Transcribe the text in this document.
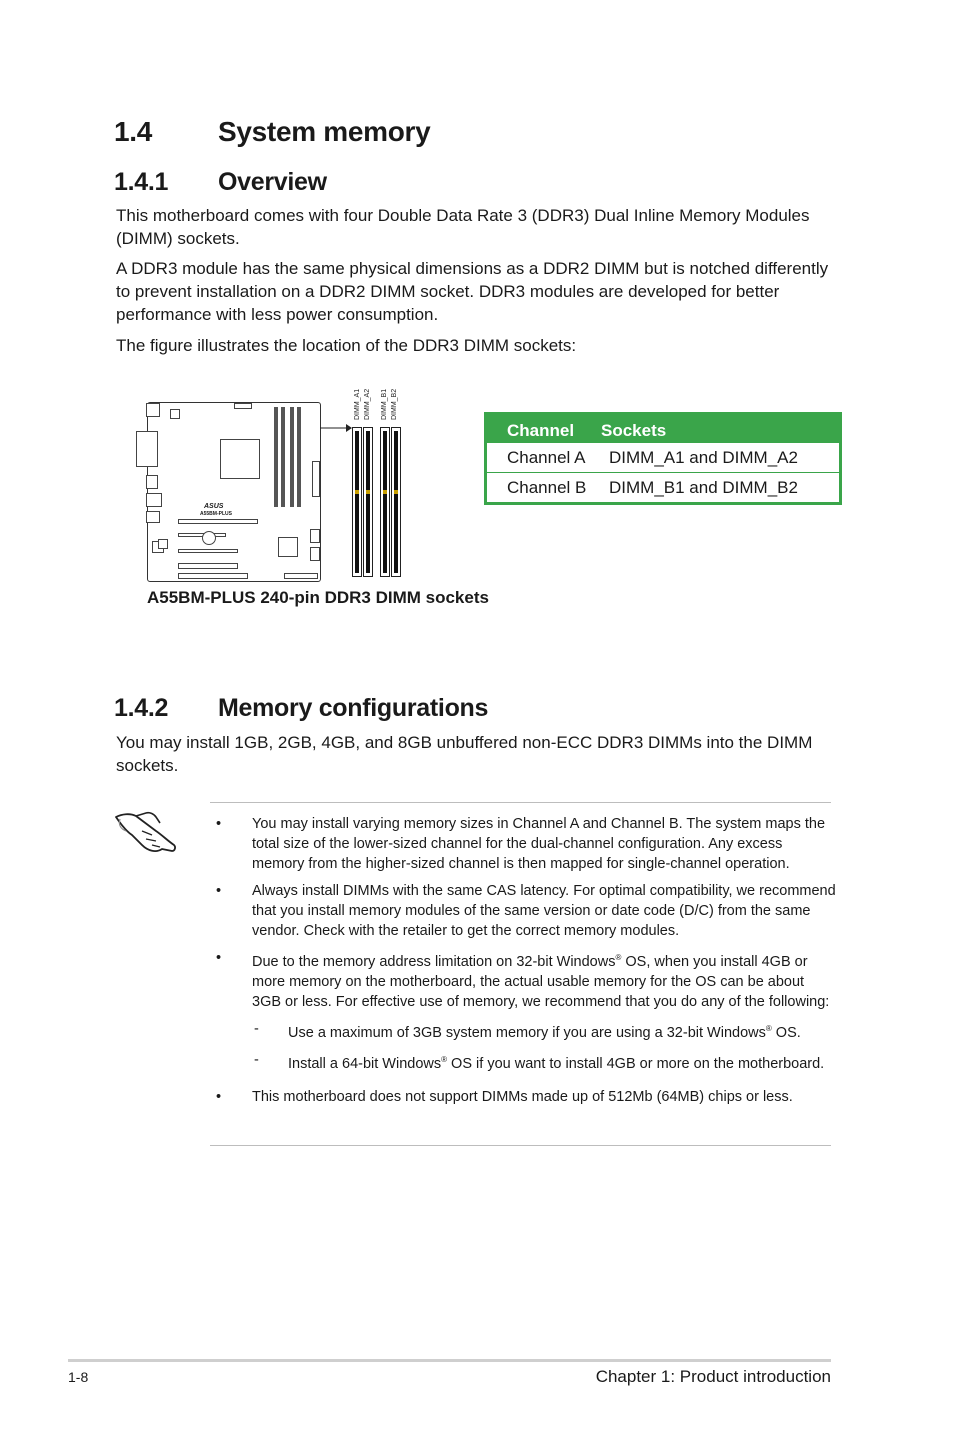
1.4 System memory
1.4.1 Overview

This motherboard comes with four Double Data Rate 3 (DDR3) Dual Inline Memory Modules (DIMM) sockets.

A DDR3 module has the same physical dimensions as a DDR2 DIMM but is notched differently to prevent installation on a DDR2 DIMM socket. DDR3 modules are developed for better performance with less power consumption.

The figure illustrates the location of the DDR3 DIMM sockets:

ASUS
A55BM-PLUS
DIMM_A1 DIMM_A2 DIMM_B1 DIMM_B2
Channel Sockets
Channel A DIMM_A1 and DIMM_A2
Channel B DIMM_B1 and DIMM_B2
A55BM-PLUS 240-pin DDR3 DIMM sockets
1.4.2 Memory configurations

You may install 1GB, 2GB, 4GB, and 8GB unbuffered non-ECC DDR3 DIMMs into the DIMM sockets.

• You may install varying memory sizes in Channel A and Channel B. The system maps the total size of the lower-sized channel for the dual-channel configuration. Any excess memory from the higher-sized channel is then mapped for single-channel operation.
• Always install DIMMs with the same CAS latency. For optimal compatibility, we recommend that you install memory modules of the same version or date code (D/C) from the same vendor. Check with the retailer to get the correct memory modules.
• Due to the memory address limitation on 32-bit Windows® OS, when you install 4GB or more memory on the motherboard, the actual usable memory for the OS can be about 3GB or less. For effective use of memory, we recommend that you do any of the following:
- Use a maximum of 3GB system memory if you are using a 32-bit Windows® OS.
- Install a 64-bit Windows® OS if you want to install 4GB or more on the motherboard.
• This motherboard does not support DIMMs made up of 512Mb (64MB) chips or less.
1-8	Chapter 1: Product introduction
